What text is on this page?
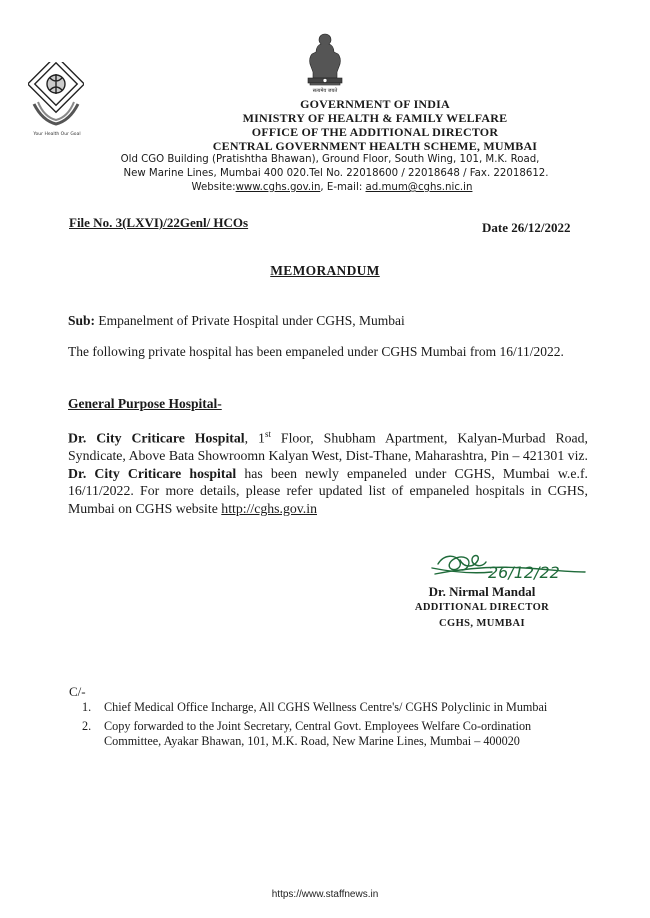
सत्यमेव जयते
Your Health Our Goal
GOVERNMENT OF INDIA
MINISTRY OF HEALTH & FAMILY WELFARE
OFFICE OF THE ADDITIONAL DIRECTOR
CENTRAL GOVERNMENT HEALTH SCHEME, MUMBAI
Old CGO Building (Pratishtha Bhawan), Ground Floor, South Wing, 101, M.K. Road,
New Marine Lines, Mumbai 400 020.Tel No. 22018600 / 22018648 / Fax. 22018612.
Website:www.cghs.gov.in, E-mail: ad.mum@cghs.nic.in
File No. 3(LXVI)/22Genl/ HCOs	Date 26/12/2022
MEMORANDUM
Sub: Empanelment of Private Hospital under CGHS, Mumbai
The following private hospital has been empaneled under CGHS Mumbai from 16/11/2022.
General Purpose Hospital-
Dr. City Criticare Hospital, 1st Floor, Shubham Apartment, Kalyan-Murbad Road, Syndicate, Above Bata Showroomn Kalyan West, Dist-Thane, Maharashtra, Pin – 421301 viz. Dr. City Criticare hospital has been newly empaneled under CGHS, Mumbai w.e.f. 16/11/2022. For more details, please refer updated list of empaneled hospitals in CGHS, Mumbai on CGHS website http://cghs.gov.in
26/12/22
Dr. Nirmal Mandal
ADDITIONAL DIRECTOR
CGHS, MUMBAI
C/-
1. Chief Medical Office Incharge, All CGHS Wellness Centre's/ CGHS Polyclinic in Mumbai
2. Copy forwarded to the Joint Secretary, Central Govt. Employees Welfare Co-ordination Committee, Ayakar Bhawan, 101, M.K. Road, New Marine Lines, Mumbai – 400020
https://www.staffnews.in
